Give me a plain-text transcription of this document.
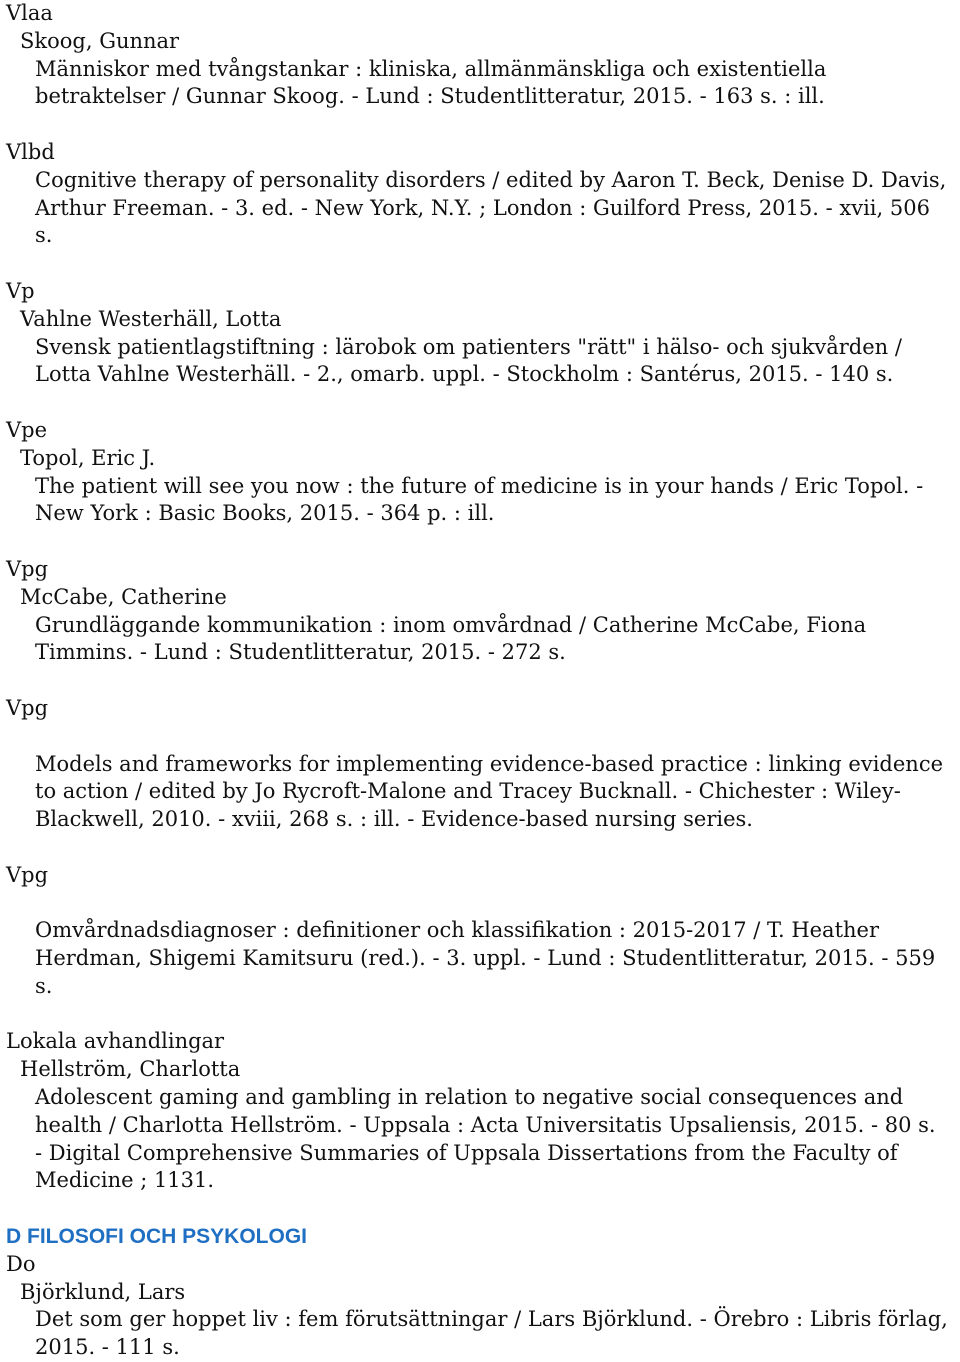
Vlaa
Skoog, Gunnar
Människor med tvångstankar : kliniska, allmänmänskliga och existentiella
betraktelser / Gunnar Skoog. - Lund : Studentlitteratur, 2015. - 163 s. : ill.
Vlbd
Cognitive therapy of personality disorders / edited by Aaron T. Beck, Denise D. Davis,
Arthur Freeman. - 3. ed. - New York, N.Y. ; London : Guilford Press, 2015. - xvii, 506
s.
Vp
Vahlne Westerhäll, Lotta
Svensk patientlagstiftning : lärobok om patienters "rätt" i hälso- och sjukvården /
Lotta Vahlne Westerhäll. - 2., omarb. uppl. - Stockholm : Santérus, 2015. - 140 s.
Vpe
Topol, Eric J.
The patient will see you now : the future of medicine is in your hands / Eric Topol. -
New York : Basic Books, 2015. - 364 p. : ill.
Vpg
McCabe, Catherine
Grundläggande kommunikation : inom omvårdnad / Catherine McCabe, Fiona
Timmins. - Lund : Studentlitteratur, 2015. - 272 s.
Vpg
Models and frameworks for implementing evidence-based practice : linking evidence
to action / edited by Jo Rycroft-Malone and Tracey Bucknall. - Chichester : Wiley-
Blackwell, 2010. - xviii, 268 s. : ill. - Evidence-based nursing series.
Vpg
Omvårdnadsdiagnoser : definitioner och klassifikation : 2015-2017 / T. Heather
Herdman, Shigemi Kamitsuru (red.). - 3. uppl. - Lund : Studentlitteratur, 2015. - 559
s.
Lokala avhandlingar
Hellström, Charlotta
Adolescent gaming and gambling in relation to negative social consequences and
health / Charlotta Hellström. - Uppsala : Acta Universitatis Upsaliensis, 2015. - 80 s.
- Digital Comprehensive Summaries of Uppsala Dissertations from the Faculty of
Medicine ; 1131.
D FILOSOFI OCH PSYKOLOGI
Do
Björklund, Lars
Det som ger hoppet liv : fem förutsättningar / Lars Björklund. - Örebro : Libris förlag,
2015. - 111 s.
